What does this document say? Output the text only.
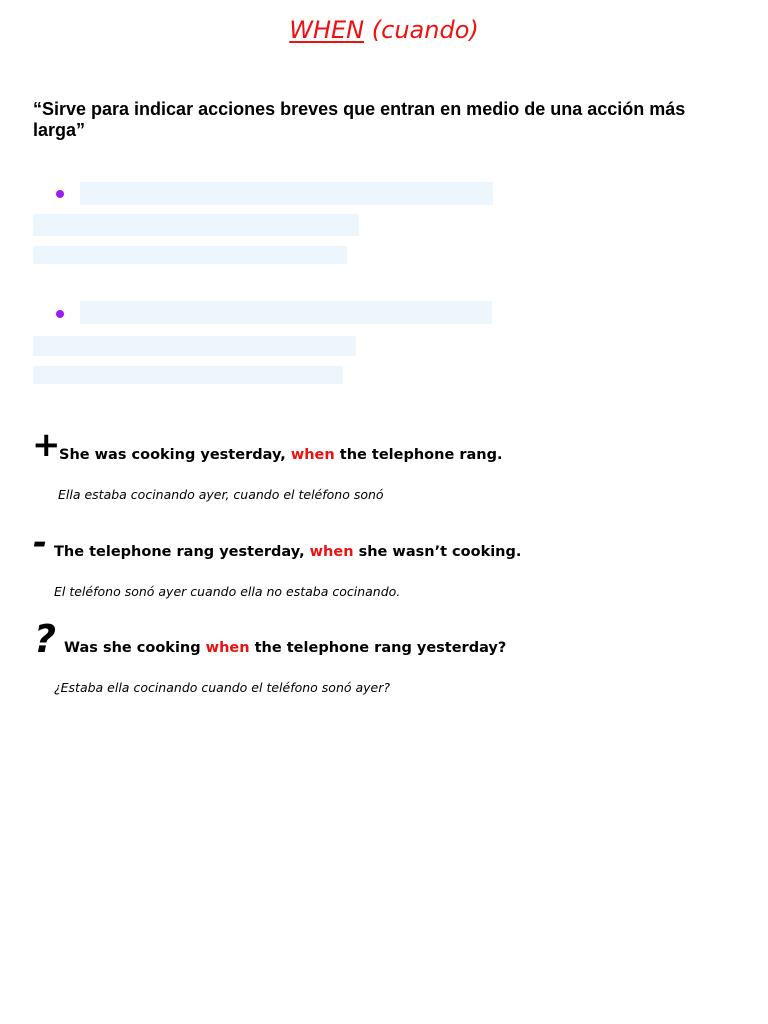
WHEN (cuando)
“Sirve para indicar acciones breves que entran en medio de una acción más larga”
+
She was cooking yesterday, when the telephone rang.
Ella estaba cocinando ayer, cuando el teléfono sonó
- The telephone rang yesterday, when she wasn’t cooking.
El teléfono sonó ayer cuando ella no estaba cocinando.
? Was she cooking when the telephone rang yesterday?
¿Estaba ella cocinando cuando el teléfono sonó ayer?
